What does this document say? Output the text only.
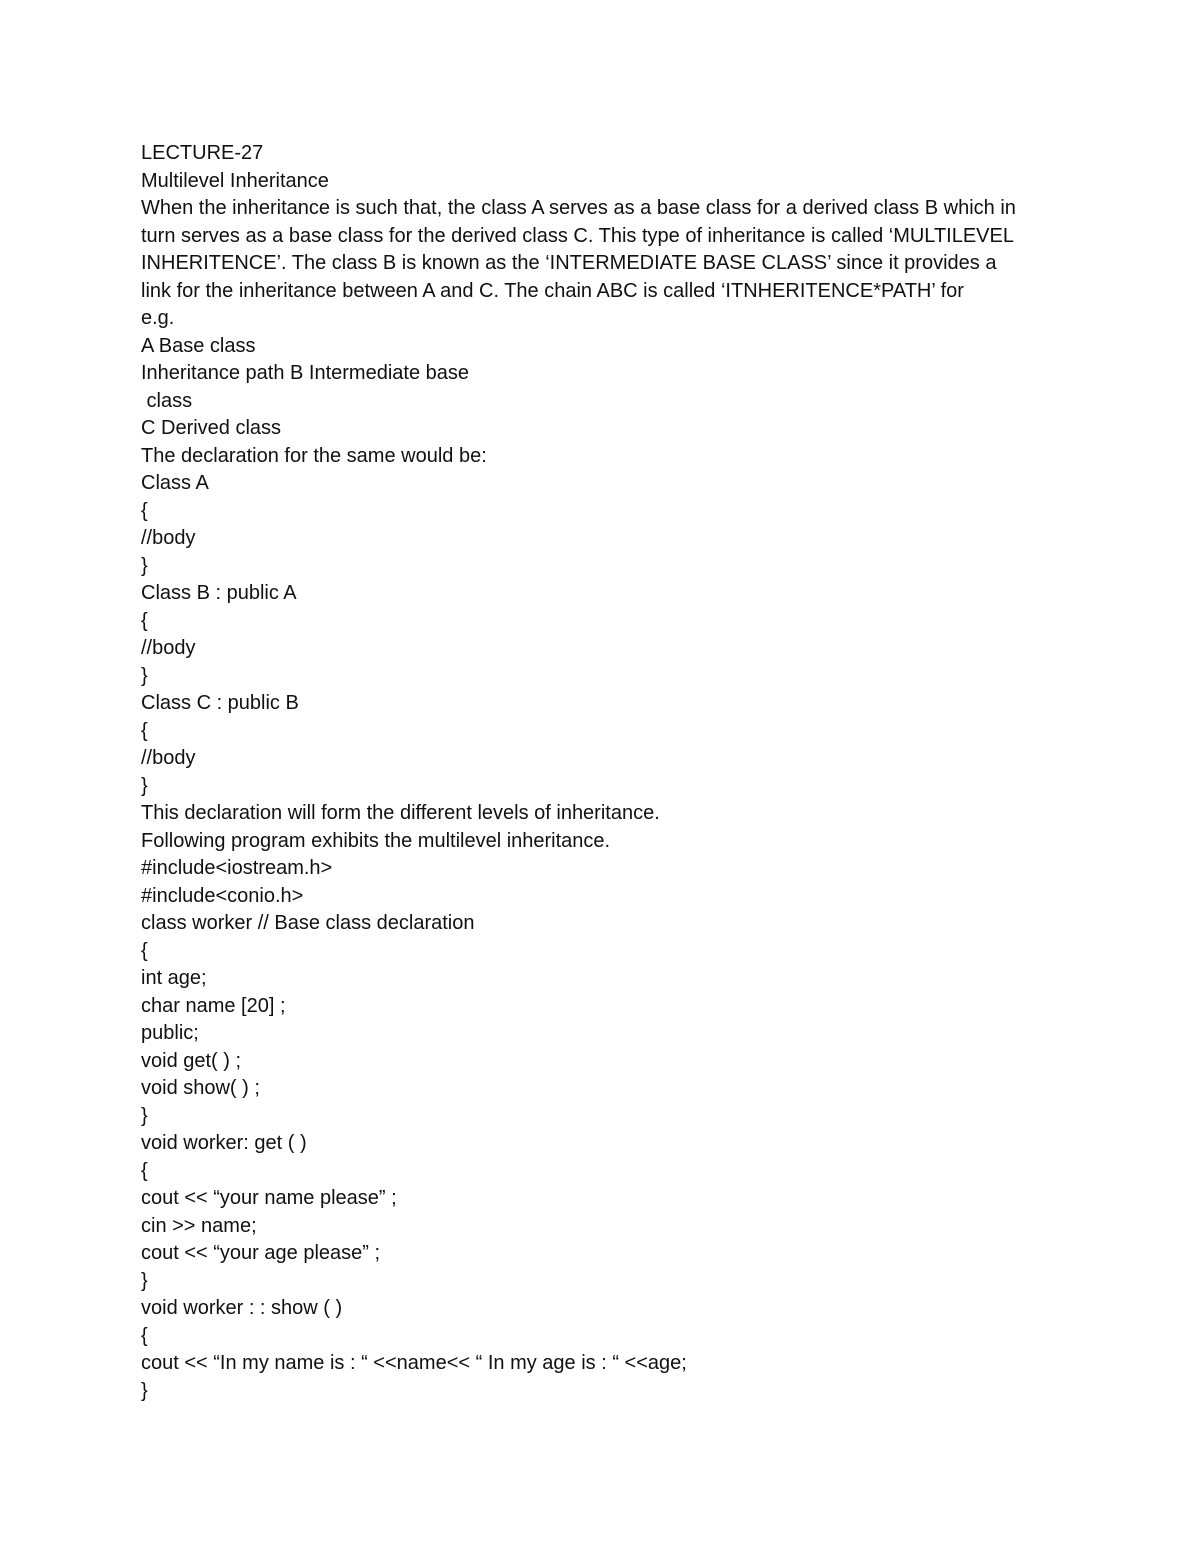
LECTURE-27

Multilevel Inheritance

When the inheritance is such that, the class A serves as a base class for a derived class B which in

turn serves as a base class for the derived class C. This type of inheritance is called ‘MULTILEVEL

INHERITENCE’. The class B is known as the ‘INTERMEDIATE BASE CLASS’ since it provides a

link for the inheritance between A and C. The chain ABC is called ‘ITNHERITENCE*PATH’ for

e.g.

A Base class

Inheritance path B Intermediate base

class

C Derived class

The declaration for the same would be:

Class A

{

//body

}

Class B : public A

{

//body

}

Class C : public B

{

//body

}

This declaration will form the different levels of inheritance.

Following program exhibits the multilevel inheritance.

#include<iostream.h>

#include<conio.h>

class worker // Base class declaration

{

int age;

char name [20] ;

public;

void get( ) ;

void show( ) ;

}

void worker: get ( )

{

cout << “your name please” ;

cin >> name;

cout << “your age please” ;

}

void worker : : show ( )

{

cout << “In my name is : “ <<name<< “ In my age is : “ <<age;

}
